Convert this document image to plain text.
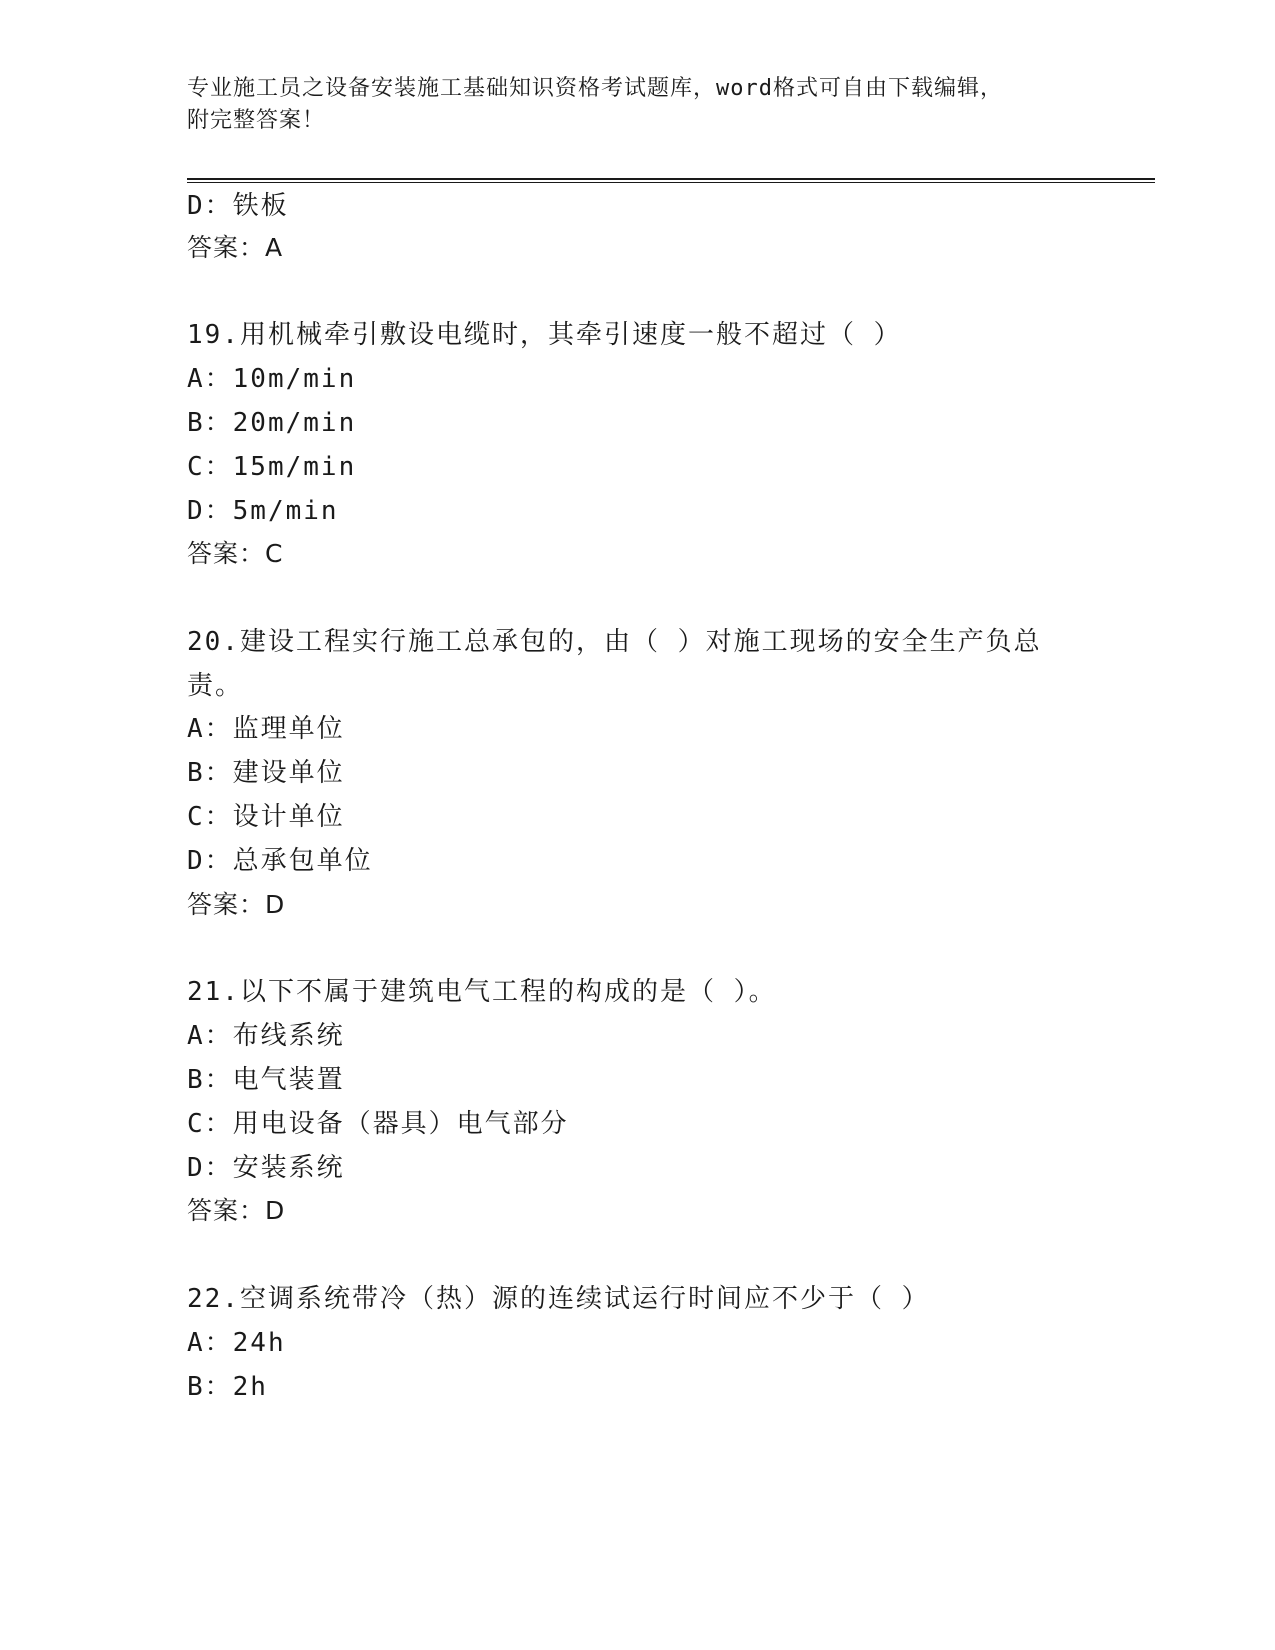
专业施工员之设备安装施工基础知识资格考试题库，word格式可自由下载编辑，
附完整答案！
D：铁板
答案：A
19.用机械牵引敷设电缆时，其牵引速度一般不超过（ ）
A：10m/min
B：20m/min
C：15m/min
D：5m/min
答案：C
20.建设工程实行施工总承包的，由（ ）对施工现场的安全生产负总
责。
A：监理单位
B：建设单位
C：设计单位
D：总承包单位
答案：D
21.以下不属于建筑电气工程的构成的是（ ）。
A：布线系统
B：电气装置
C：用电设备（器具）电气部分
D：安装系统
答案：D
22.空调系统带冷（热）源的连续试运行时间应不少于（ ）
A：24h
B：2h
